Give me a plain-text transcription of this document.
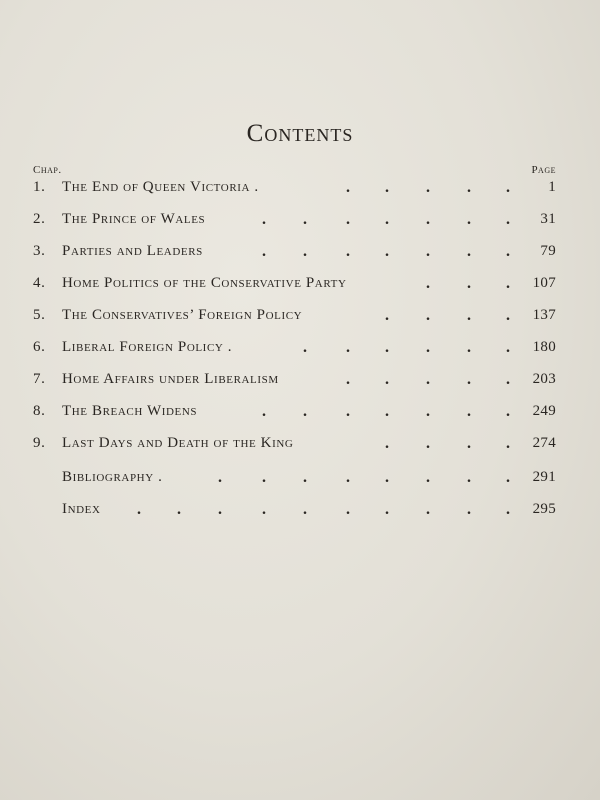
Contents
Chap.	Page
1.	The End of Queen Victoria .	. . . . .	1
2.	The Prince of Wales	. . . . . . . 31
3.	Parties and Leaders	. . . . . . . 79
4.	Home Politics of the Conservative Party	. . . 107
5.	The Conservatives’ Foreign Policy	. . . . 137
6.	Liberal Foreign Policy .	. . . . . . 180
7.	Home Affairs under Liberalism	. . . . . 203
8.	The Breach Widens	. . . . . . . 249
9.	Last Days and Death of the King	. . . . 274
Bibliography .	. . . . . . . . 291
Index . . . . . . . . . . 295
